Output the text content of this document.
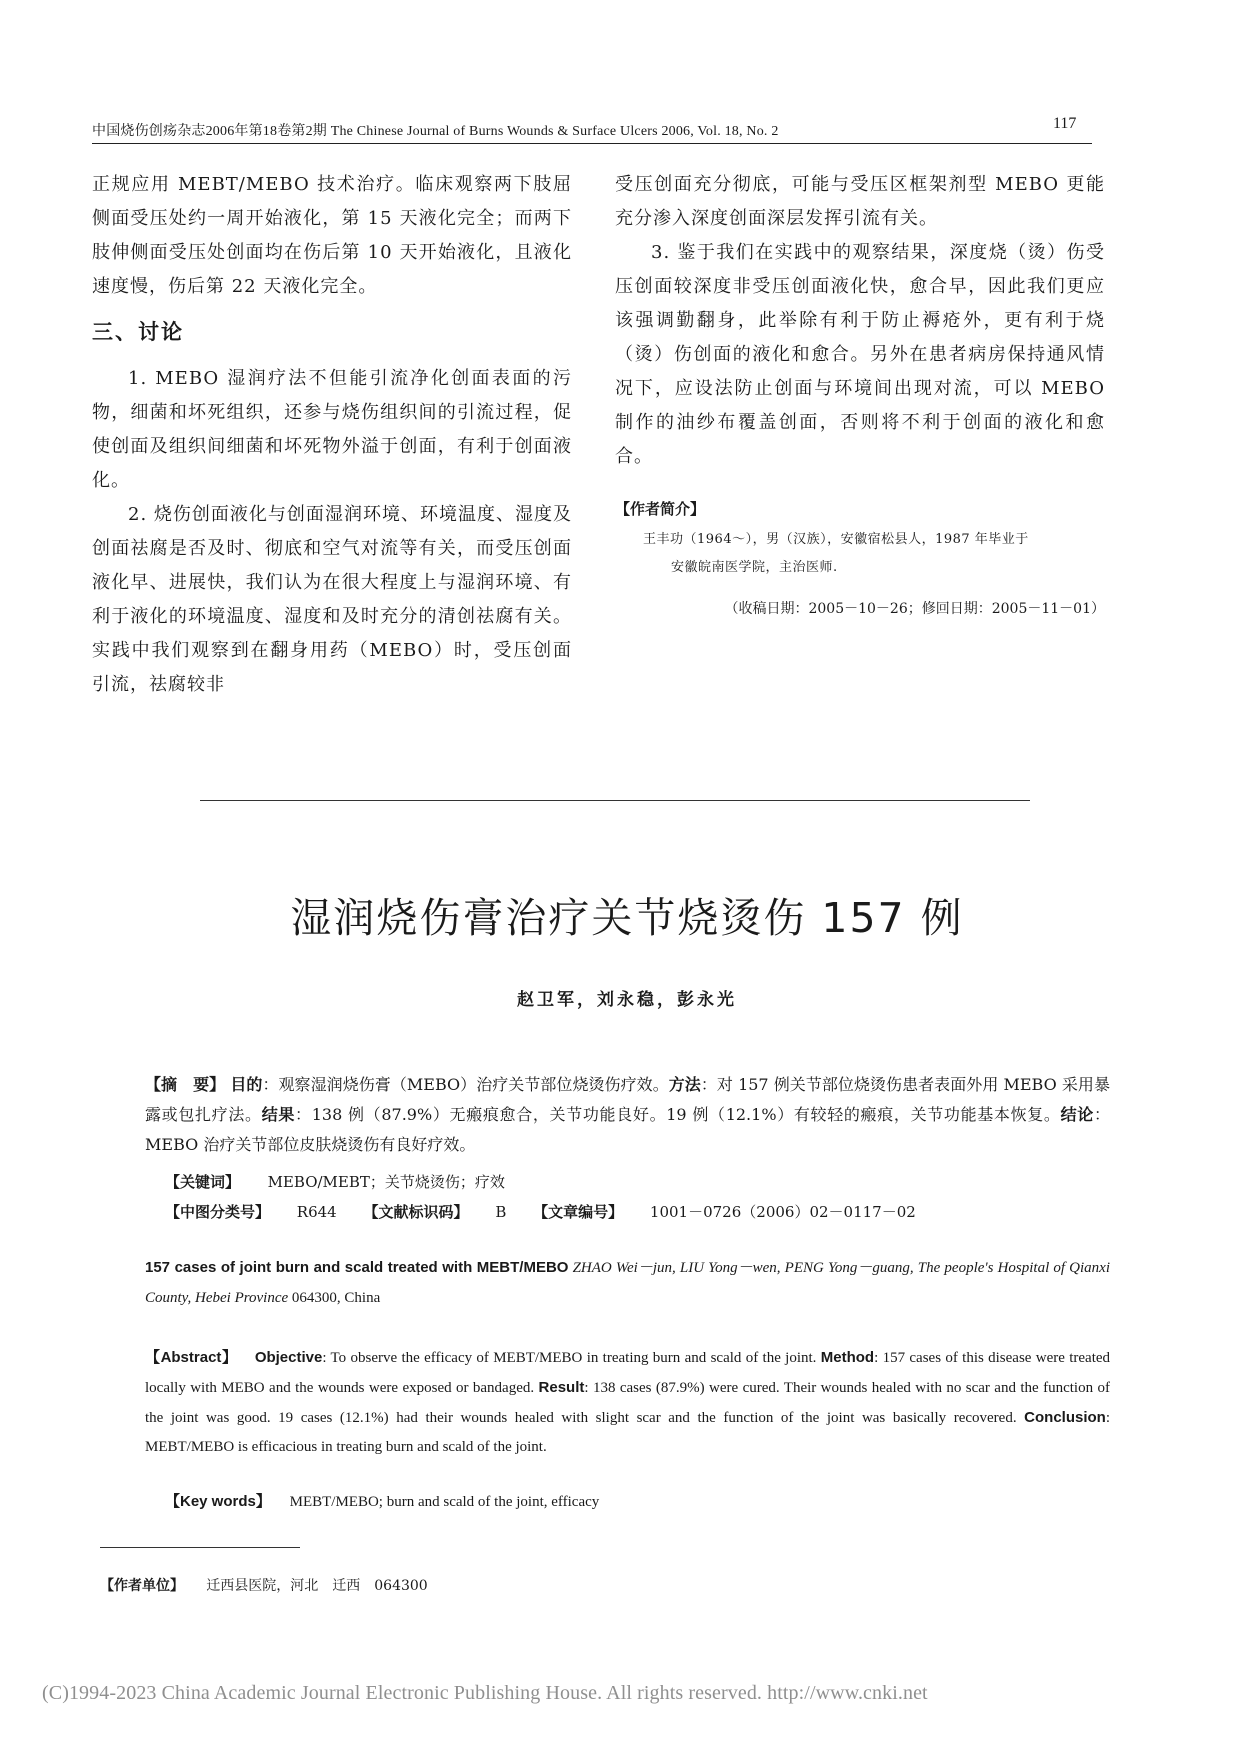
中国烧伤创疡杂志2006年第18卷第2期 The Chinese Journal of Burns Wounds & Surface Ulcers 2006, Vol. 18, No. 2	117

正规应用 MEBT/MEBO 技术治疗。临床观察两下肢屈侧面受压处约一周开始液化，第 15 天液化完全；而两下肢伸侧面受压处创面均在伤后第 10 天开始液化，且液化速度慢，伤后第 22 天液化完全。

三、讨论

1. MEBO 湿润疗法不但能引流净化创面表面的污物，细菌和坏死组织，还参与烧伤组织间的引流过程，促使创面及组织间细菌和坏死物外溢于创面，有利于创面液化。

2. 烧伤创面液化与创面湿润环境、环境温度、湿度及创面祛腐是否及时、彻底和空气对流等有关，而受压创面液化早、进展快，我们认为在很大程度上与湿润环境、有利于液化的环境温度、湿度和及时充分的清创祛腐有关。实践中我们观察到在翻身用药（MEBO）时，受压创面引流，祛腐较非

受压创面充分彻底，可能与受压区框架剂型 MEBO 更能充分渗入深度创面深层发挥引流有关。

3. 鉴于我们在实践中的观察结果，深度烧（烫）伤受压创面较深度非受压创面液化快，愈合早，因此我们更应该强调勤翻身，此举除有利于防止褥疮外，更有利于烧（烫）伤创面的液化和愈合。另外在患者病房保持通风情况下，应设法防止创面与环境间出现对流，可以 MEBO 制作的油纱布覆盖创面，否则将不利于创面的液化和愈合。

【作者简介】

王丰功（1964～），男（汉族），安徽宿松县人，1987 年毕业于
安徽皖南医学院，主治医师.

（收稿日期：2005－10－26；修回日期：2005－11－01）

湿润烧伤膏治疗关节烧烫伤 157 例
赵卫军，刘永稳，彭永光
【摘　要】 目的：观察湿润烧伤膏（MEBO）治疗关节部位烧烫伤疗效。方法：对 157 例关节部位烧烫伤患者表面外用 MEBO 采用暴露或包扎疗法。结果：138 例（87.9%）无瘢痕愈合，关节功能良好。19 例（12.1%）有较轻的瘢痕，关节功能基本恢复。结论：MEBO 治疗关节部位皮肤烧烫伤有良好疗效。
【关键词】 MEBO/MEBT；关节烧烫伤；疗效
【中图分类号】 R644 【文献标识码】 B 【文章编号】 1001－0726（2006）02－0117－02
157 cases of joint burn and scald treated with MEBT/MEBO ZHAO Wei－jun, LIU Yong－wen, PENG Yong－guang, The people's Hospital of Qianxi County, Hebei Province 064300, China
【Abstract】 Objective: To observe the efficacy of MEBT/MEBO in treating burn and scald of the joint. Method: 157 cases of this disease were treated locally with MEBO and the wounds were exposed or bandaged. Result: 138 cases (87.9%) were cured. Their wounds healed with no scar and the function of the joint was good. 19 cases (12.1%) had their wounds healed with slight scar and the function of the joint was basically recovered. Conclusion: MEBT/MEBO is efficacious in treating burn and scald of the joint.
【Key words】 MEBT/MEBO; burn and scald of the joint, efficacy
【作者单位】 迁西县医院，河北　迁西　064300
(C)1994-2023 China Academic Journal Electronic Publishing House. All rights reserved. http://www.cnki.net
